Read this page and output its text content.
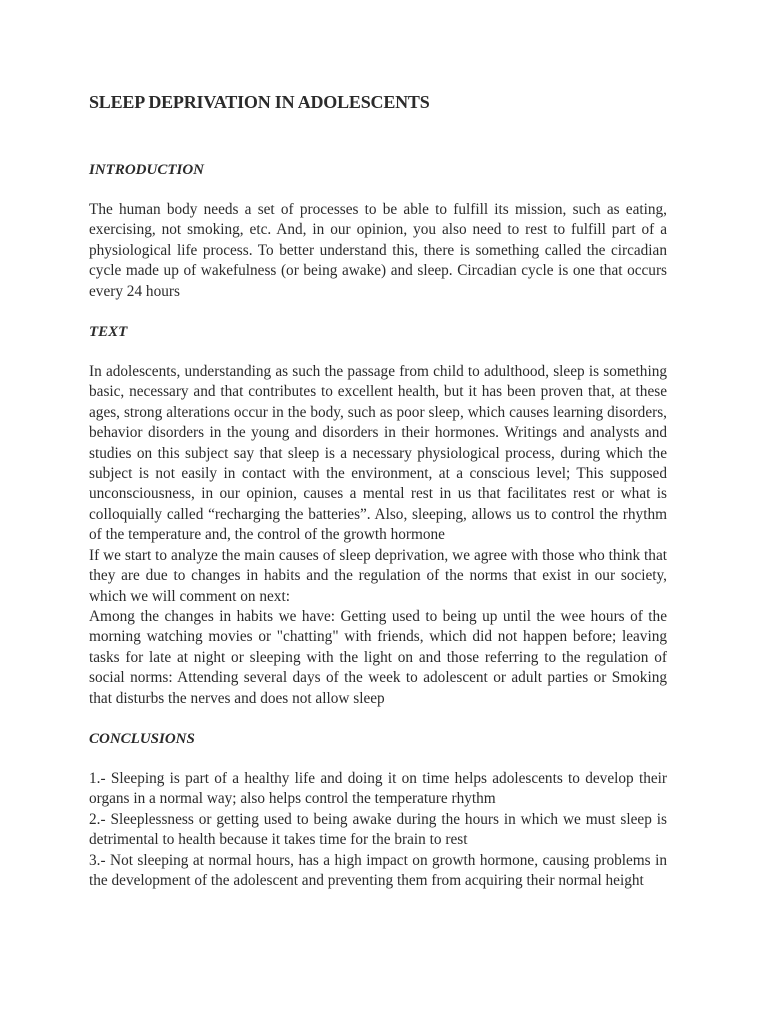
SLEEP DEPRIVATION IN ADOLESCENTS
INTRODUCTION

The human body needs a set of processes to be able to fulfill its mission, such as eating, exercising, not smoking, etc. And, in our opinion, you also need to rest to fulfill part of a physiological life process. To better understand this, there is something called the circadian cycle made up of wakefulness (or being awake) and sleep. Circadian cycle is one that occurs every 24 hours

TEXT

In adolescents, understanding as such the passage from child to adulthood, sleep is something basic, necessary and that contributes to excellent health, but it has been proven that, at these ages, strong alterations occur in the body, such as poor sleep, which causes learning disorders, behavior disorders in the young and disorders in their hormones. Writings and analysts and studies on this subject say that sleep is a necessary physiological process, during which the subject is not easily in contact with the environment, at a conscious level; This supposed unconsciousness, in our opinion, causes a mental rest in us that facilitates rest or what is colloquially called “recharging the batteries”. Also, sleeping, allows us to control the rhythm of the temperature and, the control of the growth hormone

If we start to analyze the main causes of sleep deprivation, we agree with those who think that they are due to changes in habits and the regulation of the norms that exist in our society, which we will comment on next:

Among the changes in habits we have: Getting used to being up until the wee hours of the morning watching movies or "chatting" with friends, which did not happen before; leaving tasks for late at night or sleeping with the light on and those referring to the regulation of social norms: Attending several days of the week to adolescent or adult parties or Smoking that disturbs the nerves and does not allow sleep

CONCLUSIONS

1.- Sleeping is part of a healthy life and doing it on time helps adolescents to develop their organs in a normal way; also helps control the temperature rhythm

2.- Sleeplessness or getting used to being awake during the hours in which we must sleep is detrimental to health because it takes time for the brain to rest

3.- Not sleeping at normal hours, has a high impact on growth hormone, causing problems in the development of the adolescent and preventing them from acquiring their normal height
